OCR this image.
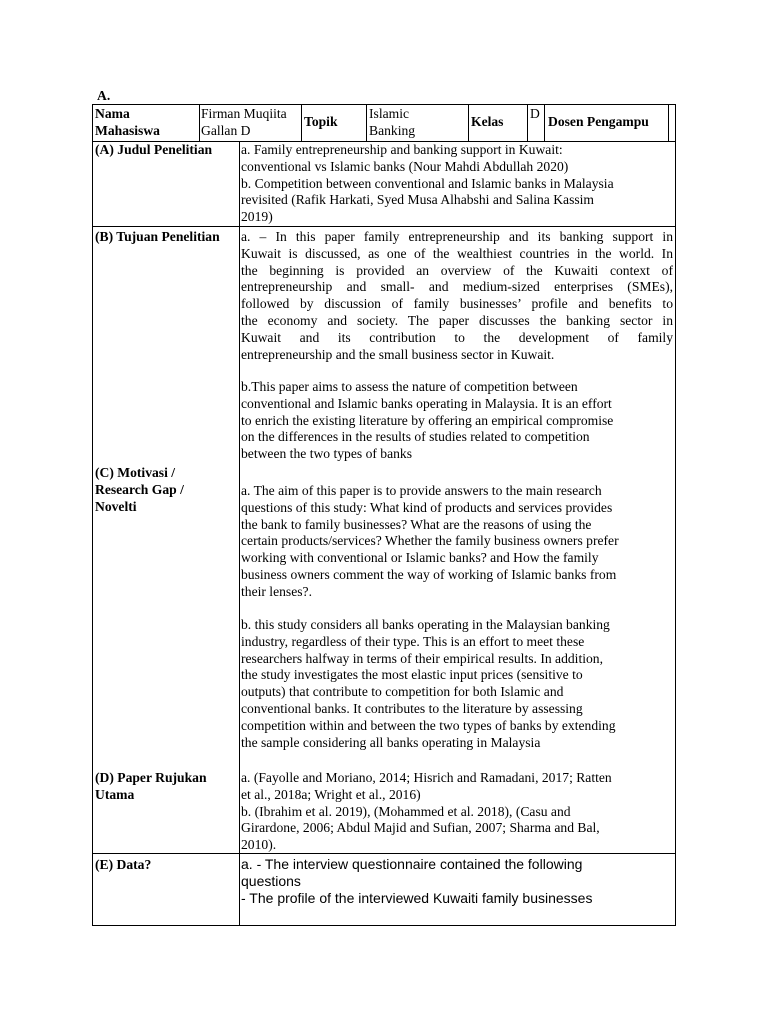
A.
Nama
Mahasiswa
Firman Muqiita
Gallan D
Topik
Islamic
Banking
Kelas
D
Dosen Pengampu
(A) Judul Penelitian a. Family entrepreneurship and banking support in Kuwait:
conventional vs Islamic banks (Nour Mahdi Abdullah 2020)
b. Competition between conventional and Islamic banks in Malaysia
revisited (Rafik Harkati, Syed Musa Alhabshi and Salina Kassim
2019)
(B) Tujuan Penelitian a. – In this paper family entrepreneurship and its banking support in
Kuwait is discussed, as one of the wealthiest countries in the world. In
the beginning is provided an overview of the Kuwaiti context of
entrepreneurship and small- and medium-sized enterprises (SMEs),
followed by discussion of family businesses’ profile and benefits to
the economy and society. The paper discusses the banking sector in
Kuwait and its contribution to the development of family
entrepreneurship and the small business sector in Kuwait.
b.This paper aims to assess the nature of competition between
conventional and Islamic banks operating in Malaysia. It is an effort
to enrich the existing literature by offering an empirical compromise
on the differences in the results of studies related to competition
between the two types of banks
(C) Motivasi /
Research Gap /
Novelti
a. The aim of this paper is to provide answers to the main research
questions of this study: What kind of products and services provides
the bank to family businesses? What are the reasons of using the
certain products/services? Whether the family business owners prefer
working with conventional or Islamic banks? and How the family
business owners comment the way of working of Islamic banks from
their lenses?.
b. this study considers all banks operating in the Malaysian banking
industry, regardless of their type. This is an effort to meet these
researchers halfway in terms of their empirical results. In addition,
the study investigates the most elastic input prices (sensitive to
outputs) that contribute to competition for both Islamic and
conventional banks. It contributes to the literature by assessing
competition within and between the two types of banks by extending
the sample considering all banks operating in Malaysia
(D) Paper Rujukan
Utama
a. (Fayolle and Moriano, 2014; Hisrich and Ramadani, 2017; Ratten
et al., 2018a; Wright et al., 2016)
b. (Ibrahim et al. 2019), (Mohammed et al. 2018), (Casu and
Girardone, 2006; Abdul Majid and Sufian, 2007; Sharma and Bal,
2010).
(E) Data?	a. - The interview questionnaire contained the following
questions
- The profile of the interviewed Kuwaiti family businesses
